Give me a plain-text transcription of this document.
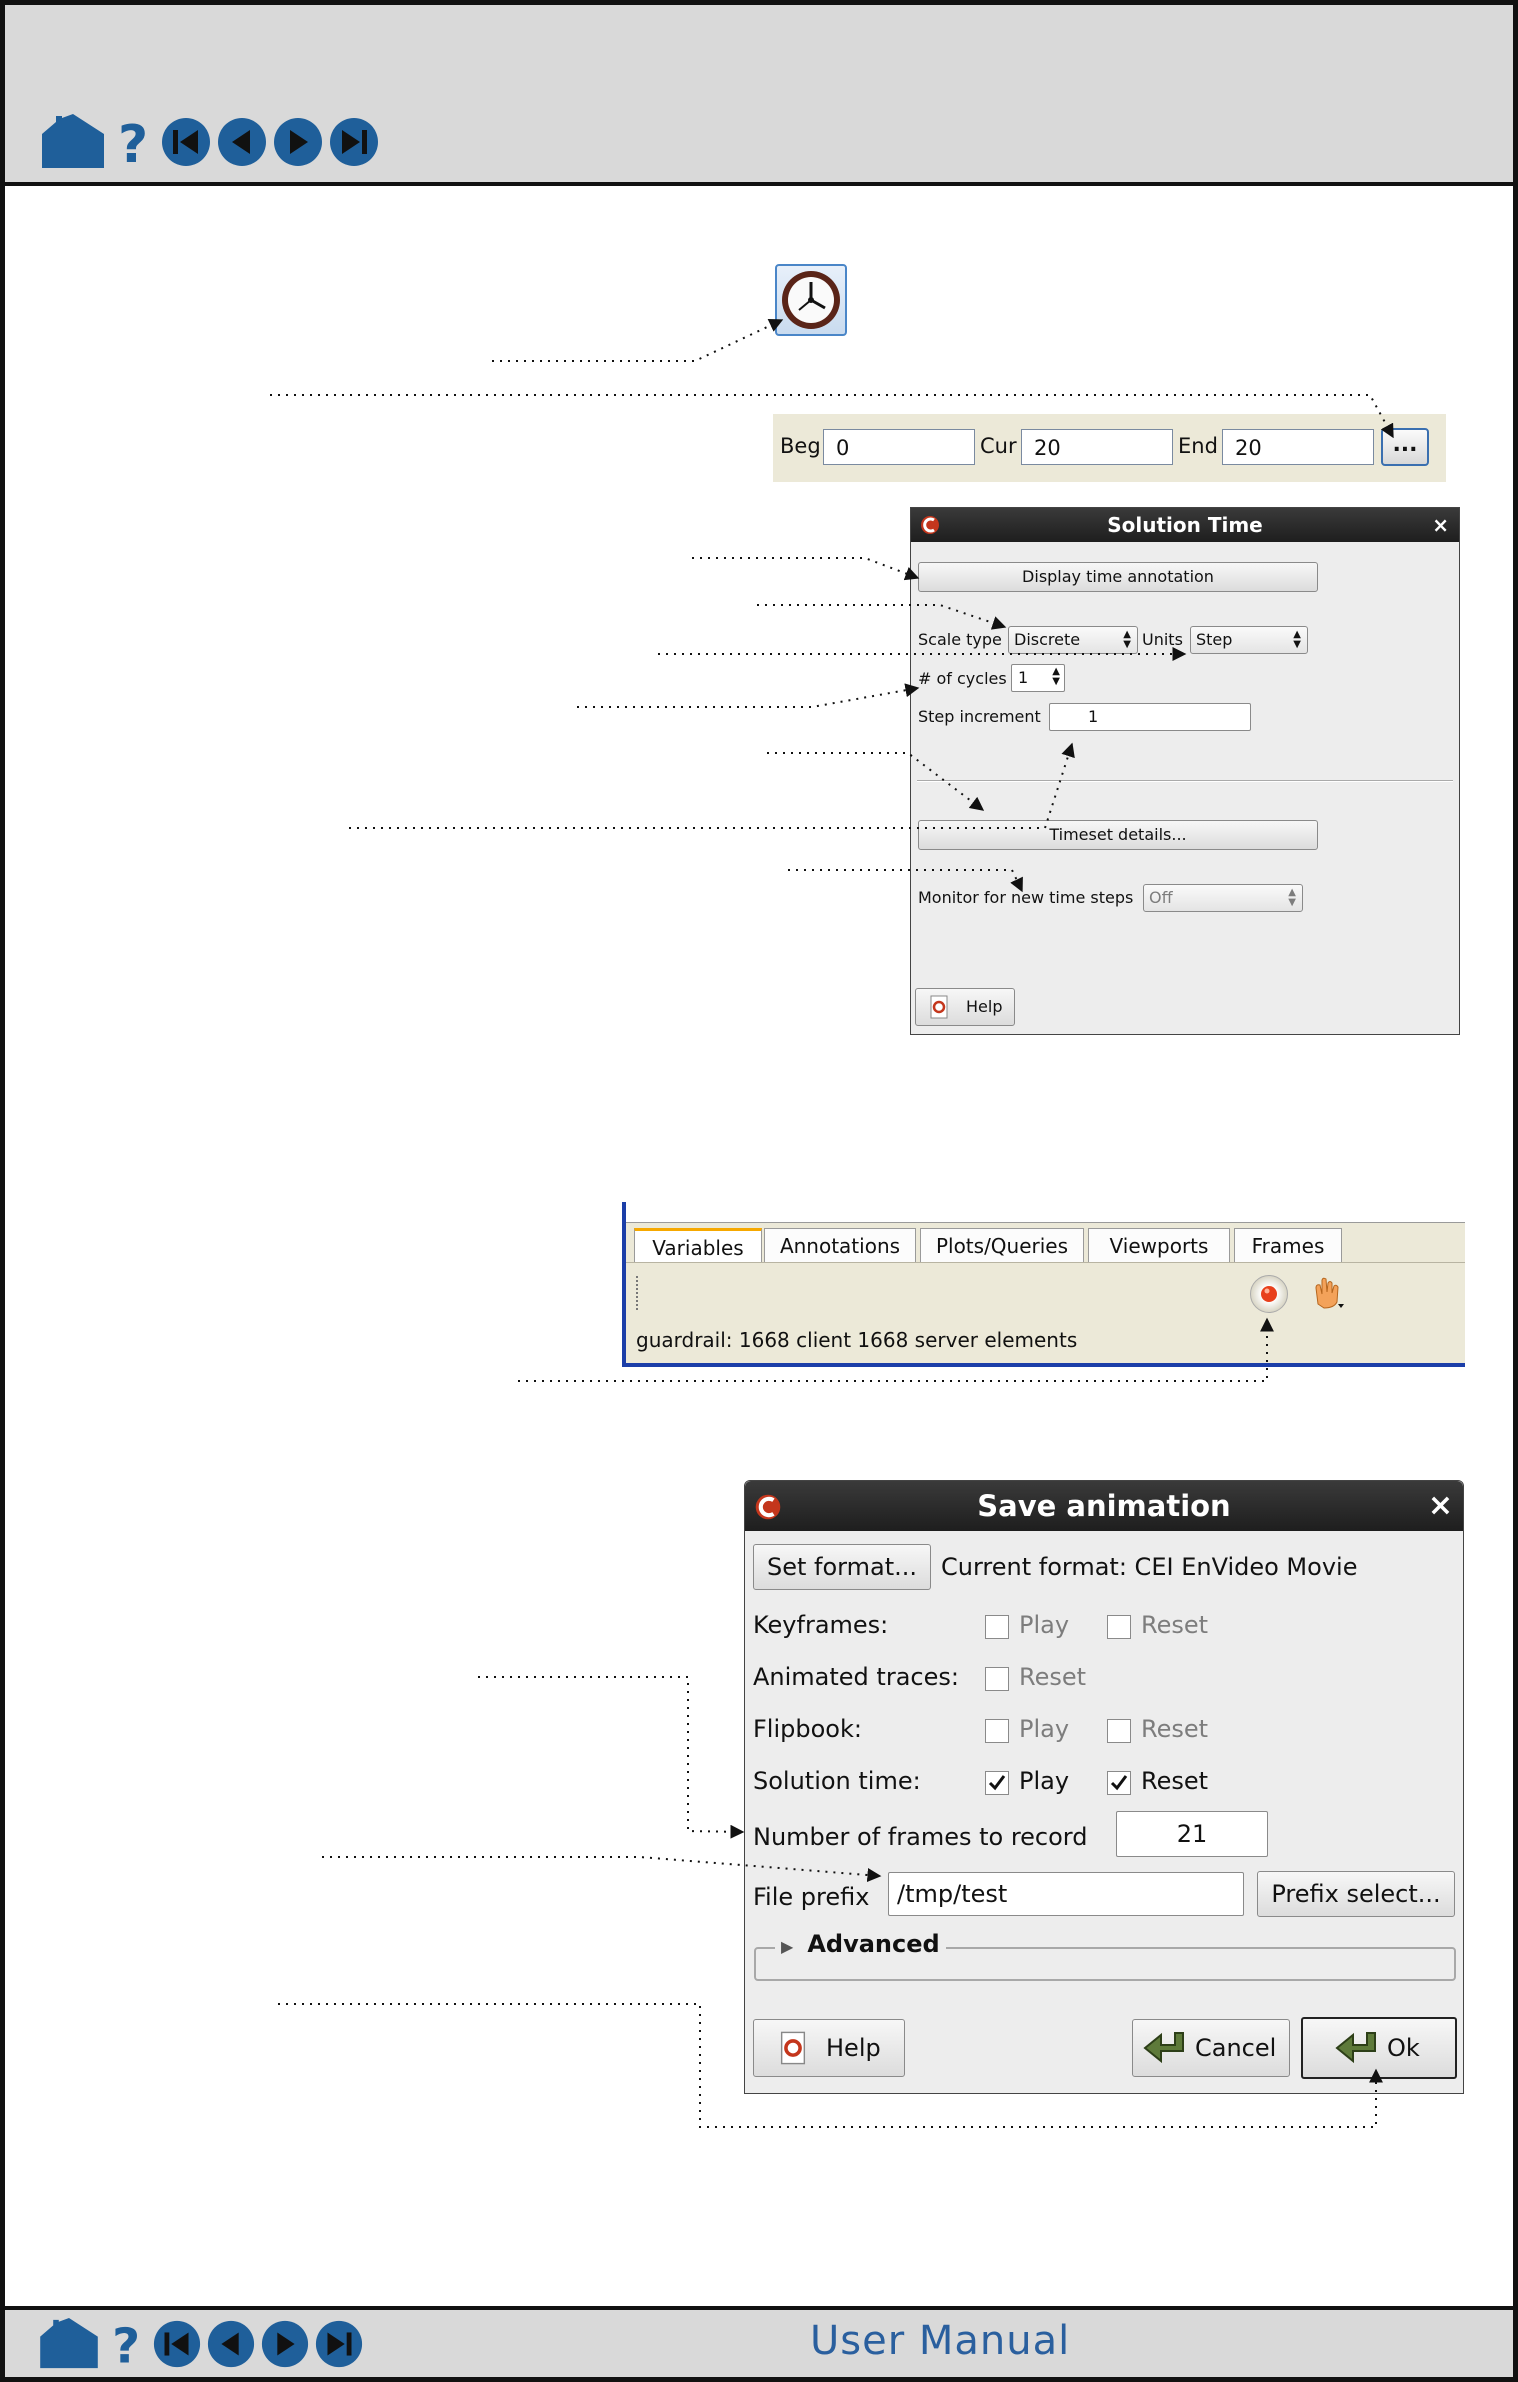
?
Beg 0	Cur 20	End 20	...
Solution Time	×
Display time annotation
Scale type Discrete	▲
▼ Units Step	▲
▼
# of cycles 1 ▲
▼
Step increment	1
Timeset details...
Monitor for new time steps Off	▲
▼
Help
Variables	Annotations	Plots/Queries	Viewports	Frames
guardrail: 1668 client 1668 server elements
Save animation	×
Set format...	Current format: CEI EnVideo Movie
Keyframes:	Play	Reset
Animated traces:	Reset
Flipbook:	Play	Reset
Solution time:	Play	Reset
Number of frames to record	21
File prefix	/tmp/test	Prefix select...
▶ Advanced
Help	Cancel	Ok
?	User Manual
